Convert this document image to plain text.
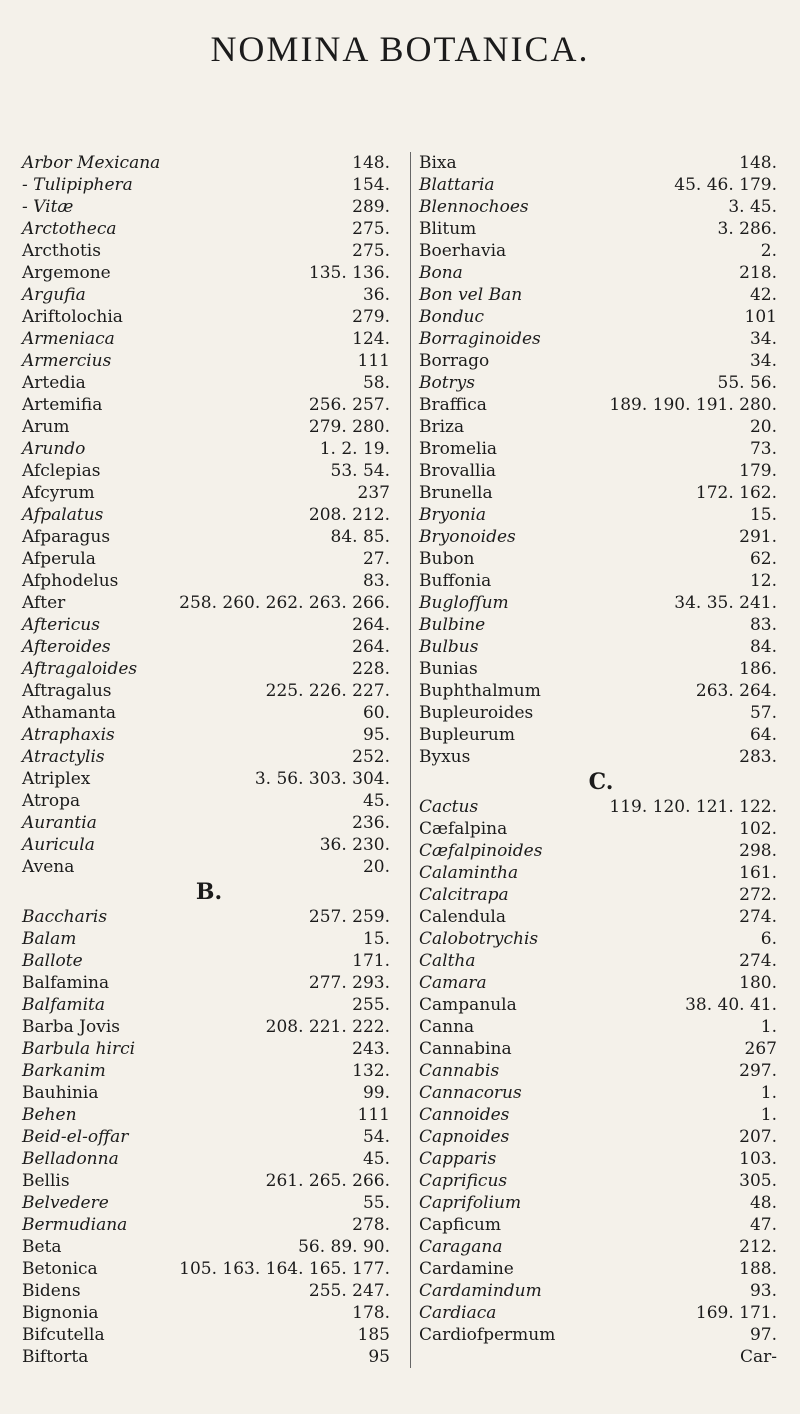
NOMINA BOTANICA.
Arbor Mexicana	148.
- Tulipiphera	154.
- Vitæ	289.
Arctotheca	275.
Arcthotis	275.
Argemone	135. 136.
Argufia	36.
Ariftolochia	279.
Armeniaca	124.
Armercius	111
Artedia	58.
Artemifia	256. 257.
Arum	279. 280.
Arundo	1. 2. 19.
Afclepias	53. 54.
Afcyrum	237
Afpalatus	208. 212.
Afparagus	84. 85.
Afperula	27.
Afphodelus	83.
After	258. 260. 262. 263. 266.
Aftericus	264.
Afteroides	264.
Aftragaloides	228.
Aftragalus	225. 226. 227.
Athamanta	60.
Atraphaxis	95.
Atractylis	252.
Atriplex	3. 56. 303. 304.
Atropa	45.
Aurantia	236.
Auricula	36. 230.
Avena	20.
B.
Baccharis	257. 259.
Balam	15.
Ballote	171.
Balfamina	277. 293.
Balfamita	255.
Barba Jovis	208. 221. 222.
Barbula hirci	243.
Barkanim	132.
Bauhinia	99.
Behen	111
Beid-el-offar	54.
Belladonna	45.
Bellis	261. 265. 266.
Belvedere	55.
Bermudiana	278.
Beta	56. 89. 90.
Betonica	105. 163. 164. 165. 177.
Bidens	255. 247.
Bignonia	178.
Bifcutella	185
Biftorta	95
Bixa	148.
Blattaria	45. 46. 179.
Blennochoes	3. 45.
Blitum	3. 286.
Boerhavia	2.
Bona	218.
Bon vel Ban	42.
Bonduc	101
Borraginoides	34.
Borrago	34.
Botrys	55. 56.
Braffica	189. 190. 191. 280.
Briza	20.
Bromelia	73.
Brovallia	179.
Brunella	172. 162.
Bryonia	15.
Bryonoides	291.
Bubon	62.
Buffonia	12.
Buglofſum	34. 35. 241.
Bulbine	83.
Bulbus	84.
Bunias	186.
Buphthalmum	263. 264.
Bupleuroides	57.
Bupleurum	64.
Byxus	283.
C.
Cactus	119. 120. 121. 122.
Cæfalpina	102.
Cæfalpinoides	298.
Calaminthа	161.
Calcitrapa	272.
Calendula	274.
Calobotrychis	6.
Caltha	274.
Camara	180.
Campanula	38. 40. 41.
Canna	1.
Cannabina	267
Cannabis	297.
Cannacorus	1.
Cannoides	1.
Capnoides	207.
Capparis	103.
Caprificus	305.
Caprifolium	48.
Capficum	47.
Caragana	212.
Cardamine	188.
Cardamindum	93.
Cardiaca	169. 171.
Cardiofpermum	97.
Car-
